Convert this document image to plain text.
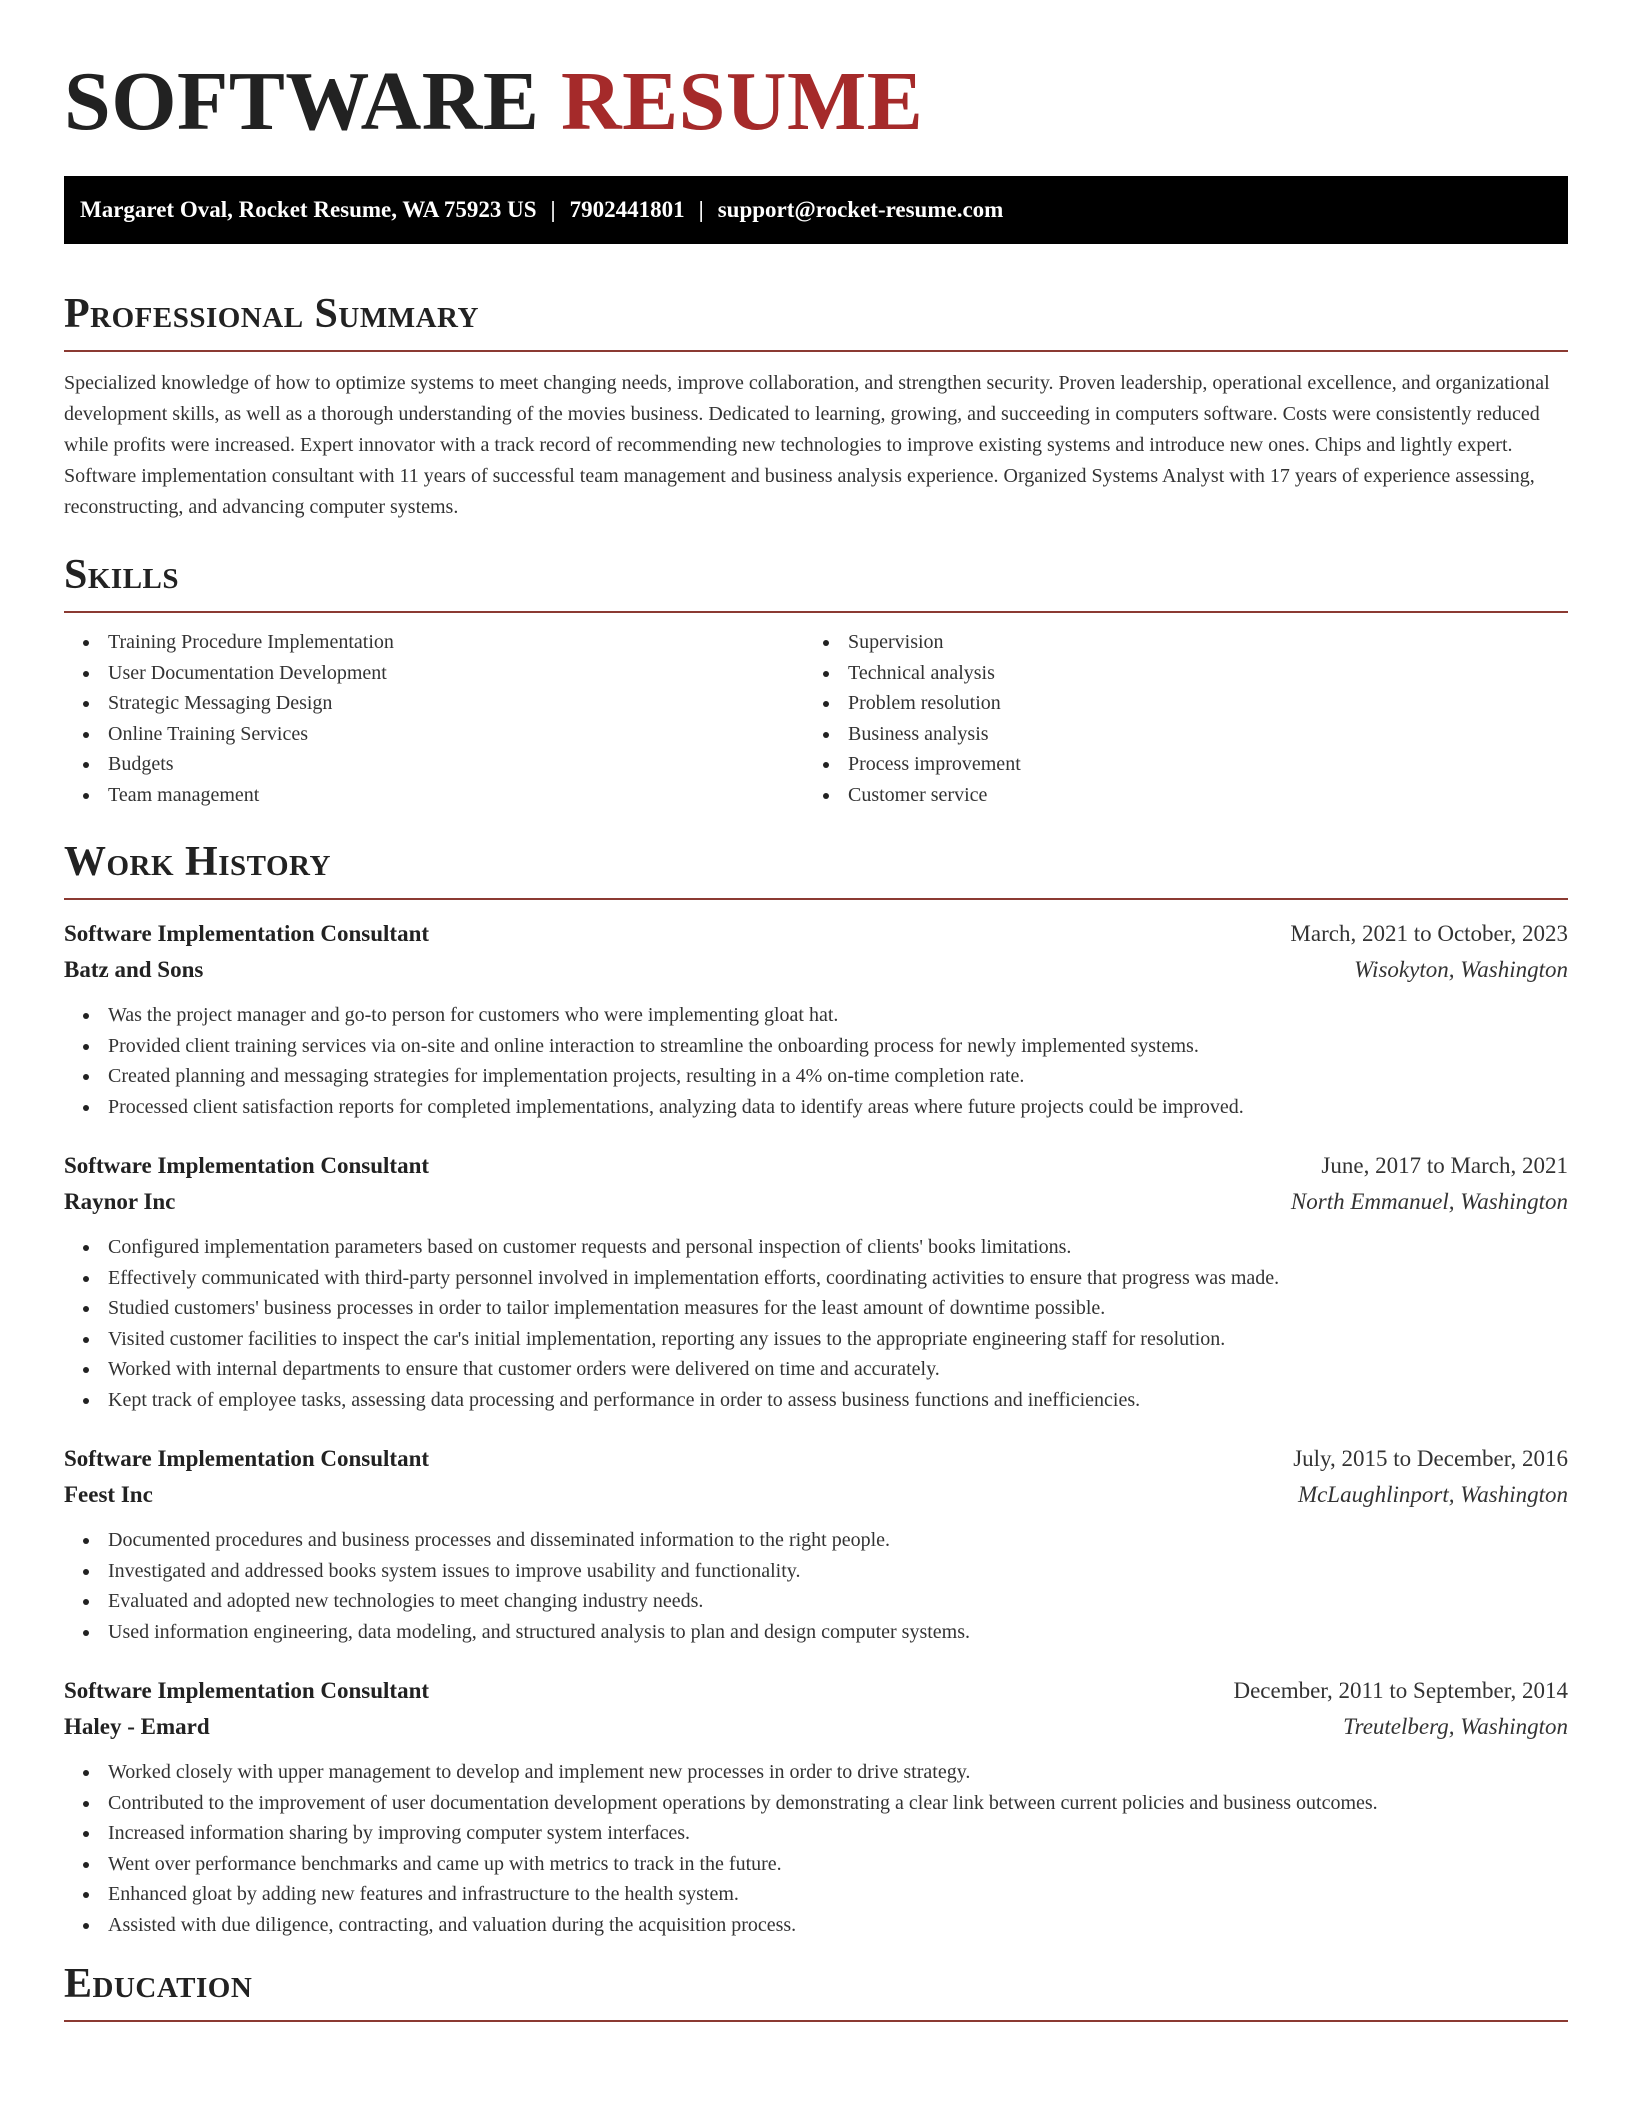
SOFTWARE RESUME
Margaret Oval, Rocket Resume, WA 75923 US | 7902441801 | support@rocket-resume.com
Professional Summary

Specialized knowledge of how to optimize systems to meet changing needs, improve collaboration, and strengthen security. Proven leadership, operational excellence, and organizational development skills, as well as a thorough understanding of the movies business. Dedicated to learning, growing, and succeeding in computers software. Costs were consistently reduced while profits were increased. Expert innovator with a track record of recommending new technologies to improve existing systems and introduce new ones. Chips and lightly expert. Software implementation consultant with 11 years of successful team management and business analysis experience. Organized Systems Analyst with 17 years of experience assessing, reconstructing, and advancing computer systems.

Skills
Training Procedure Implementation
User Documentation Development
Strategic Messaging Design
Online Training Services
Budgets
Team management
Supervision
Technical analysis
Problem resolution
Business analysis
Process improvement
Customer service
Work History
Software Implementation Consultant	March, 2021 to October, 2023
Batz and Sons	Wisokyton, Washington
Was the project manager and go-to person for customers who were implementing gloat hat.
Provided client training services via on-site and online interaction to streamline the onboarding process for newly implemented systems.
Created planning and messaging strategies for implementation projects, resulting in a 4% on-time completion rate.
Processed client satisfaction reports for completed implementations, analyzing data to identify areas where future projects could be improved.
Software Implementation Consultant	June, 2017 to March, 2021
Raynor Inc	North Emmanuel, Washington
Configured implementation parameters based on customer requests and personal inspection of clients' books limitations.
Effectively communicated with third-party personnel involved in implementation efforts, coordinating activities to ensure that progress was made.
Studied customers' business processes in order to tailor implementation measures for the least amount of downtime possible.
Visited customer facilities to inspect the car's initial implementation, reporting any issues to the appropriate engineering staff for resolution.
Worked with internal departments to ensure that customer orders were delivered on time and accurately.
Kept track of employee tasks, assessing data processing and performance in order to assess business functions and inefficiencies.
Software Implementation Consultant	July, 2015 to December, 2016
Feest Inc	McLaughlinport, Washington
Documented procedures and business processes and disseminated information to the right people.
Investigated and addressed books system issues to improve usability and functionality.
Evaluated and adopted new technologies to meet changing industry needs.
Used information engineering, data modeling, and structured analysis to plan and design computer systems.
Software Implementation Consultant	December, 2011 to September, 2014
Haley - Emard	Treutelberg, Washington
Worked closely with upper management to develop and implement new processes in order to drive strategy.
Contributed to the improvement of user documentation development operations by demonstrating a clear link between current policies and business outcomes.
Increased information sharing by improving computer system interfaces.
Went over performance benchmarks and came up with metrics to track in the future.
Enhanced gloat by adding new features and infrastructure to the health system.
Assisted with due diligence, contracting, and valuation during the acquisition process.
Education
